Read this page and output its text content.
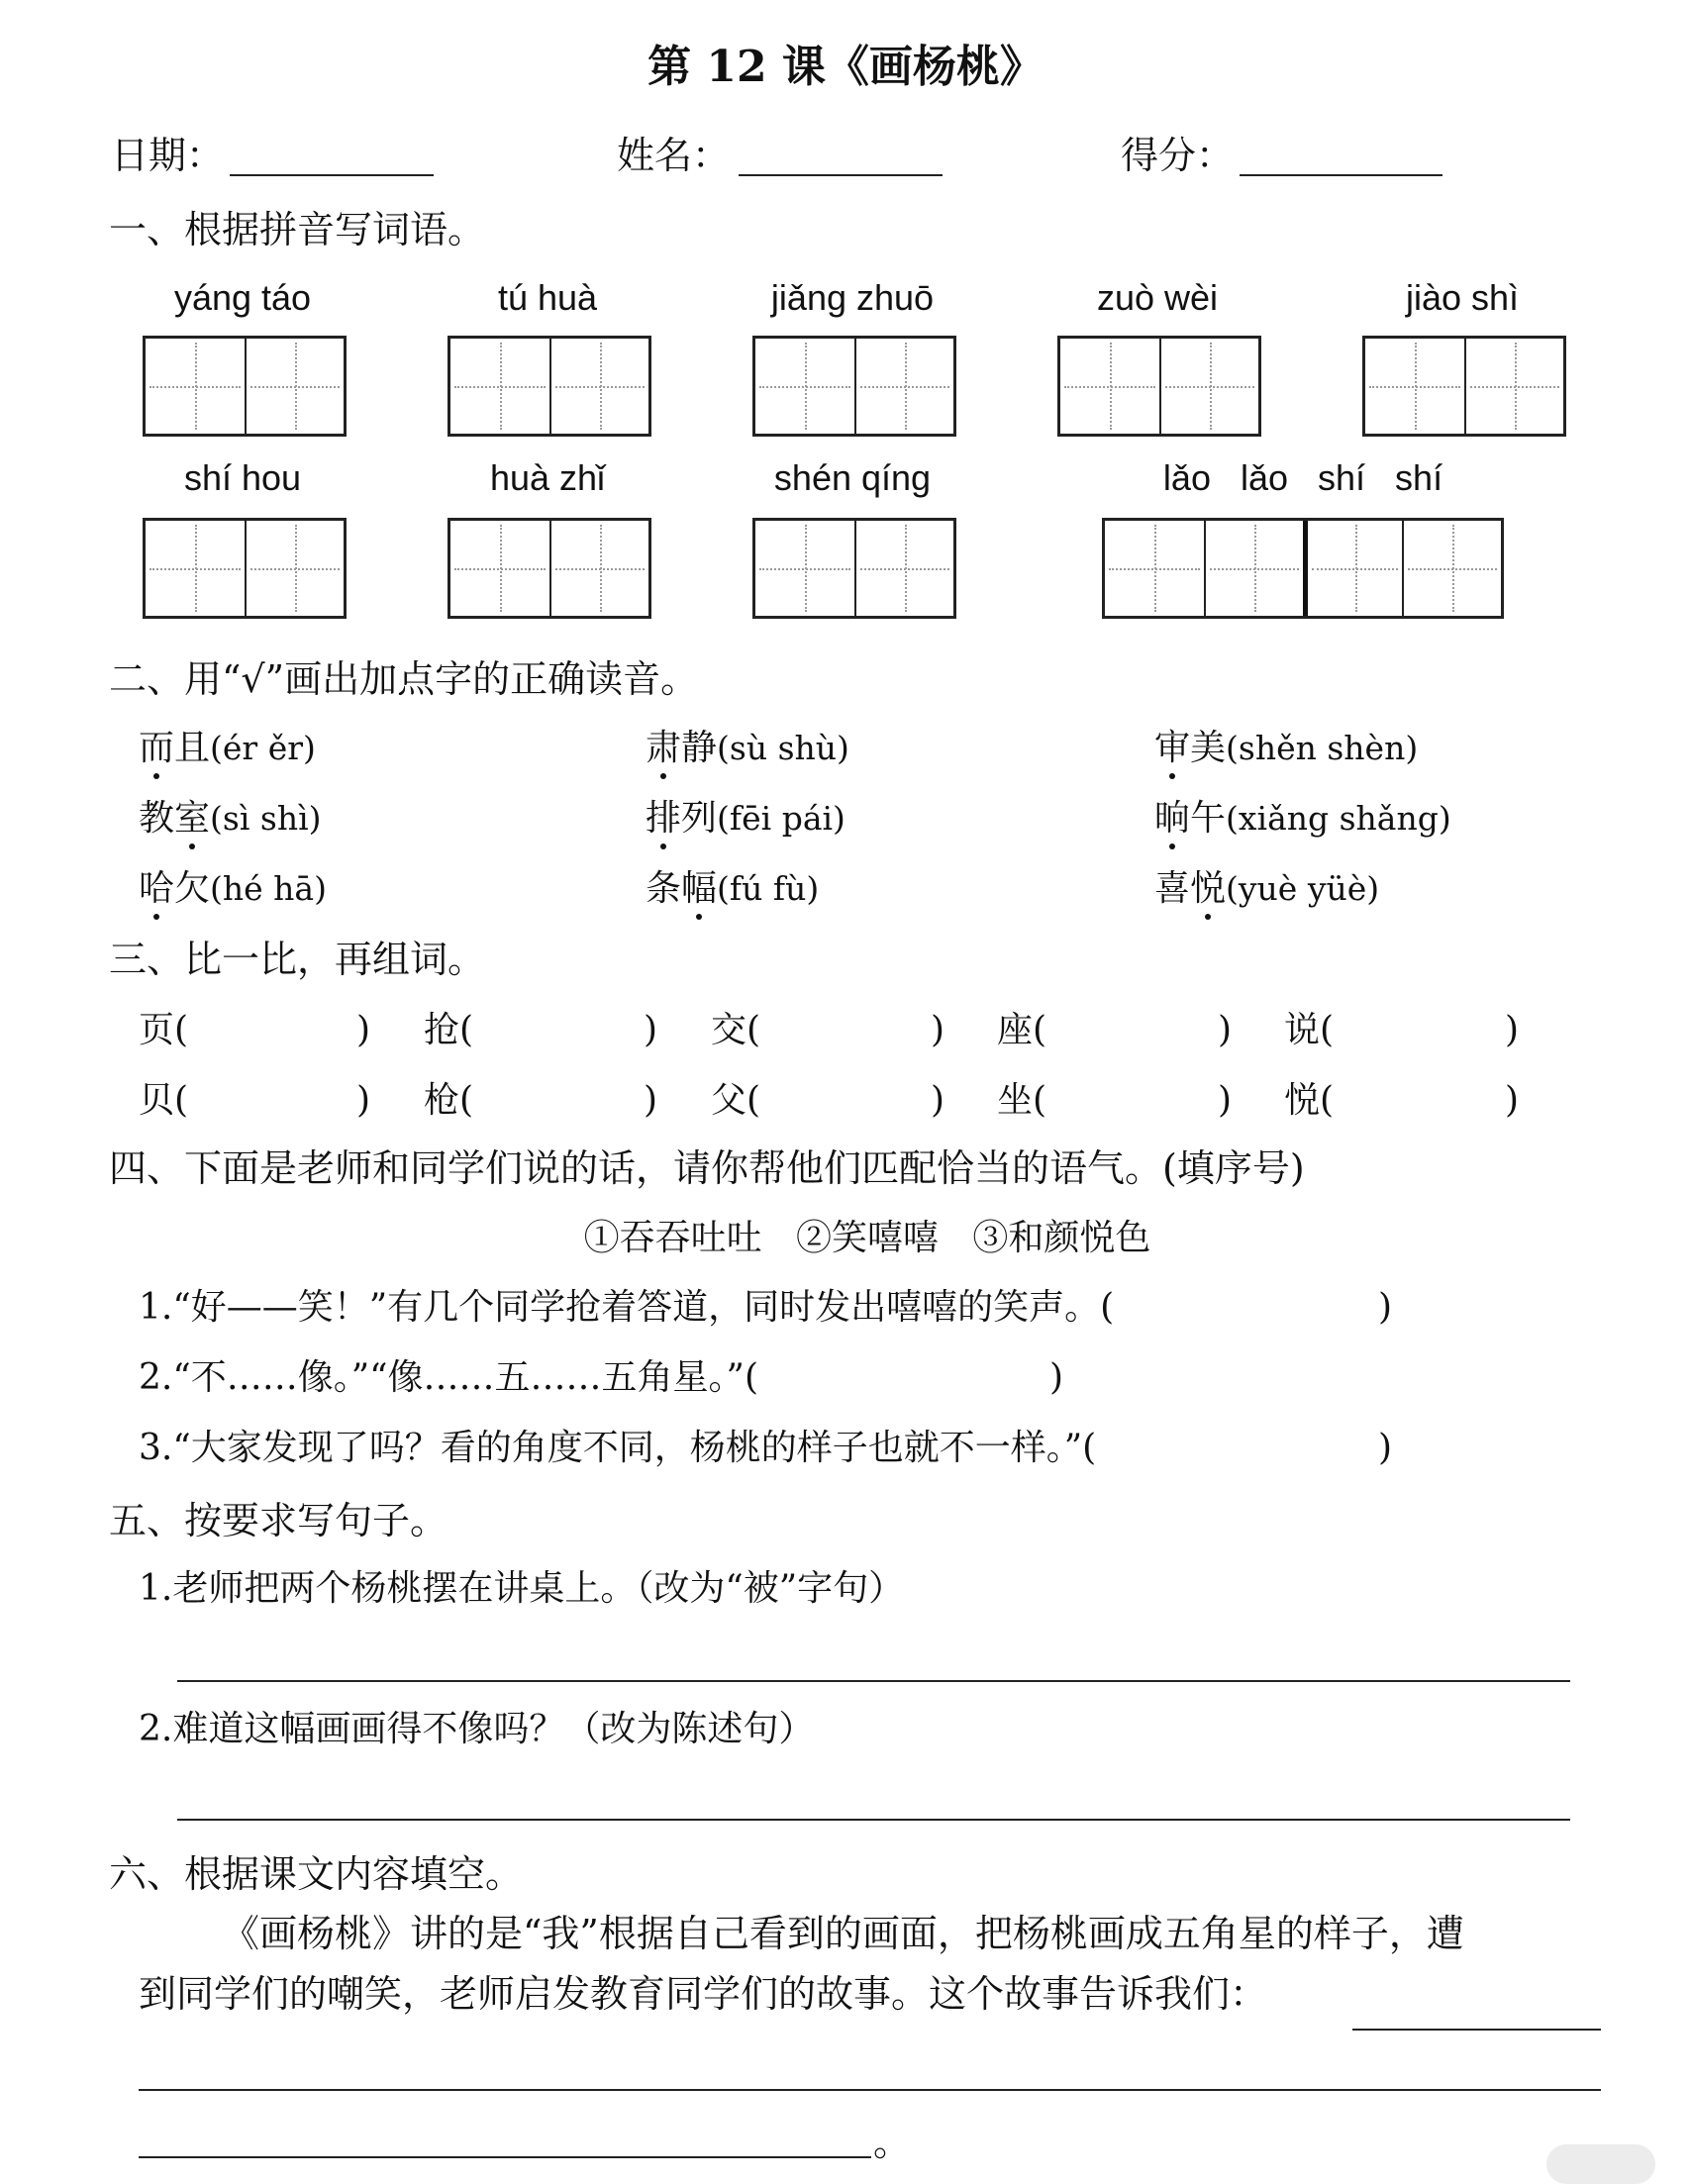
第 12 课《画杨桃》
日期：	姓名：	得分：
一、根据拼音写词语。
yáng táo	tú huà	jiǎng zhuō	zuò wèi	jiào shì
shí hou	huà zhǐ	shén qíng	lǎo   lǎo   shí   shí
二、用“√”画出加点字的正确读音。
而且(ér ěr)	肃静(sù shù)	审美(shěn shèn)
教室(sì shì)	排列(fēi pái)	晌午(xiǎng shǎng)
哈欠(hé hā)	条幅(fú fù)	喜悦(yuè yüè)
三、比一比，再组词。
页(	) 抢(	) 交(	) 座(	) 说(	)
贝(	) 枪(	) 父(	) 坐(	) 悦(	)
四、下面是老师和同学们说的话，请你帮他们匹配恰当的语气。(填序号)
①吞吞吐吐   ②笑嘻嘻   ③和颜悦色
1.“好——笑！”有几个同学抢着答道，同时发出嘻嘻的笑声。(	)
2.“不……像。”“像……五……五角星。”(	)
3.“大家发现了吗？看的角度不同，杨桃的样子也就不一样。”(	)
五、按要求写句子。
1.老师把两个杨桃摆在讲桌上。（改为“被”字句）
2.难道这幅画画得不像吗？（改为陈述句）
六、根据课文内容填空。
《画杨桃》讲的是“我”根据自己看到的画面，把杨桃画成五角星的样子，遭
到同学们的嘲笑，老师启发教育同学们的故事。这个故事告诉我们：
。
